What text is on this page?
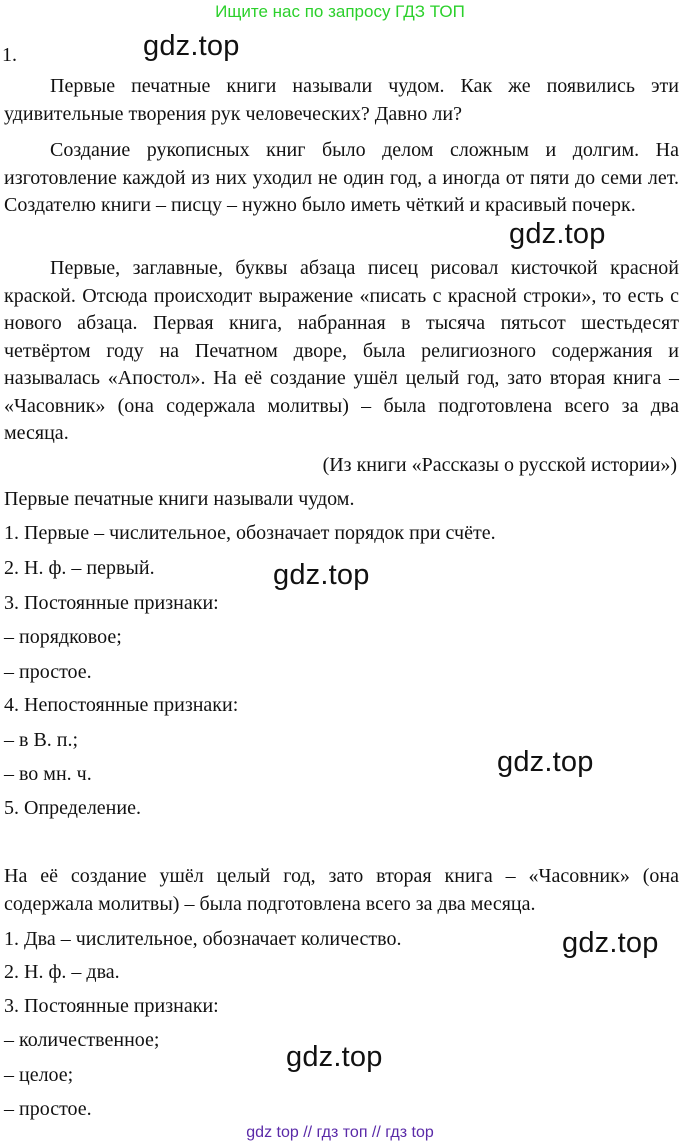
Ищите нас по запросу ГДЗ ТОП
1.	gdz.top
gdz.top
gdz.top
gdz.top
gdz.top
gdz.top
Первые печатные книги называли чудом. Как же появились эти удивительные творения рук человеческих? Давно ли?
Создание рукописных книг было делом сложным и долгим. На изготовление каждой из них уходил не один год, а иногда от пяти до семи лет. Создателю книги – писцу – нужно было иметь чёткий и красивый почерк.
Первые, заглавные, буквы абзаца писец рисовал кисточкой красной краской. Отсюда происходит выражение «писать с красной строки», то есть с нового абзаца. Первая книга, набранная в тысяча пятьсот шестьдесят четвёртом году на Печатном дворе, была религиозного содержания и называлась «Апостол». На её создание ушёл целый год, зато вторая книга – «Часовник» (она содержала молитвы) – была подготовлена всего за два месяца.
(Из книги «Рассказы о русской истории»)
Первые печатные книги называли чудом.
1. Первые – числительное, обозначает порядок при счёте.
2. Н. ф. – первый.
3. Постоянные признаки:
– порядковое;
– простое.
4. Непостоянные признаки:
– в В. п.;
– во мн. ч.
5. Определение.
На её создание ушёл целый год, зато вторая книга – «Часовник» (она содержала молитвы) – была подготовлена всего за два месяца.
1. Два – числительное, обозначает количество.
2. Н. ф. – два.
3. Постоянные признаки:
– количественное;
– целое;
– простое.
gdz top // гдз топ // гдз top
